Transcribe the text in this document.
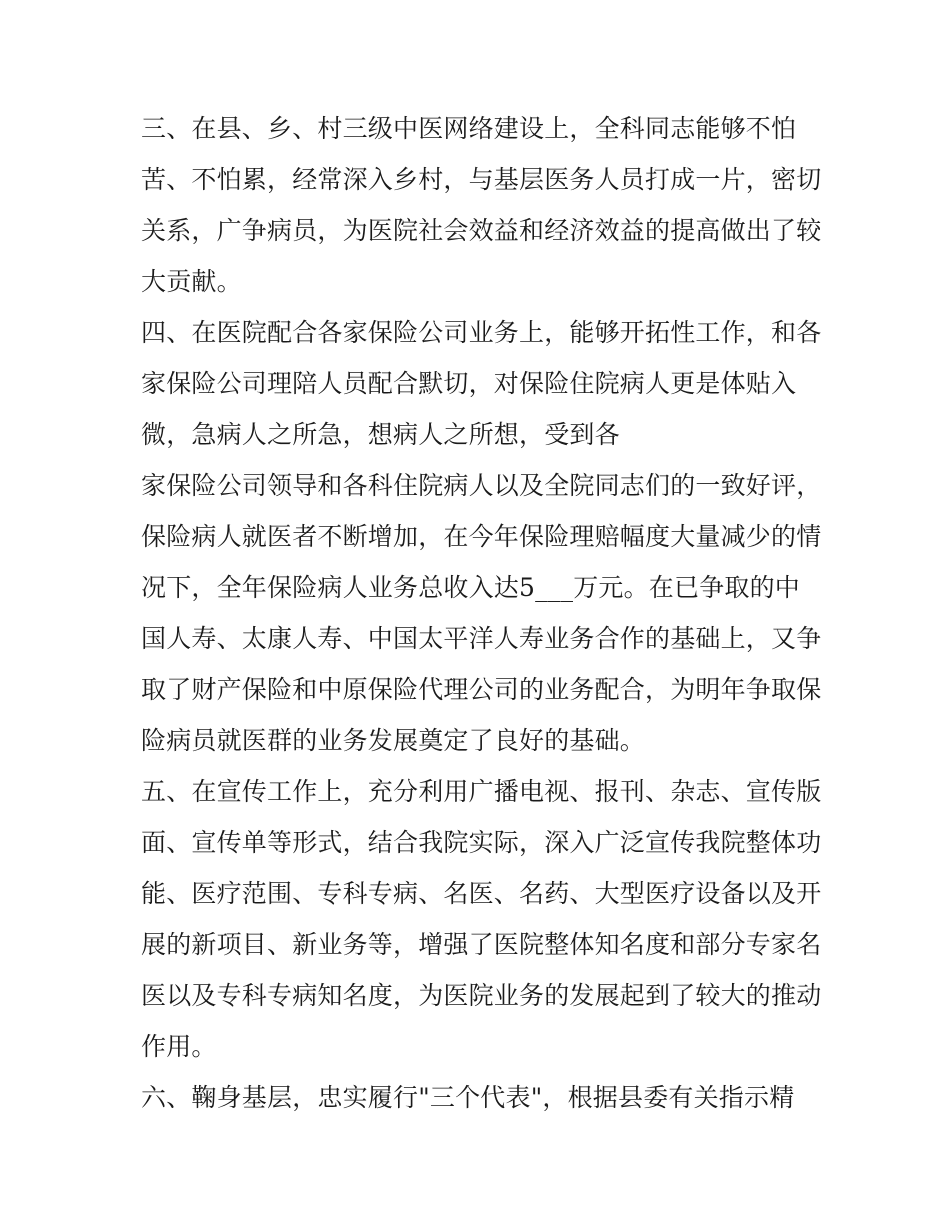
三、在县、乡、村三级中医网络建设上，全科同志能够不怕
苦、不怕累，经常深入乡村，与基层医务人员打成一片，密切
关系，广争病员，为医院社会效益和经济效益的提高做出了较
大贡献。
四、在医院配合各家保险公司业务上，能够开拓性工作，和各
家保险公司理陪人员配合默切，对保险住院病人更是体贴入
微，急病人之所急，想病人之所想，受到各
家保险公司领导和各科住院病人以及全院同志们的一致好评，
保险病人就医者不断增加，在今年保险理赔幅度大量减少的情
况下，全年保险病人业务总收入达5___万元。在已争取的中
国人寿、太康人寿、中国太平洋人寿业务合作的基础上，又争
取了财产保险和中原保险代理公司的业务配合，为明年争取保
险病员就医群的业务发展奠定了良好的基础。
五、在宣传工作上，充分利用广播电视、报刊、杂志、宣传版
面、宣传单等形式，结合我院实际，深入广泛宣传我院整体功
能、医疗范围、专科专病、名医、名药、大型医疗设备以及开
展的新项目、新业务等，增强了医院整体知名度和部分专家名
医以及专科专病知名度，为医院业务的发展起到了较大的推动
作用。
六、鞠身基层，忠实履行"三个代表"，根据县委有关指示精
